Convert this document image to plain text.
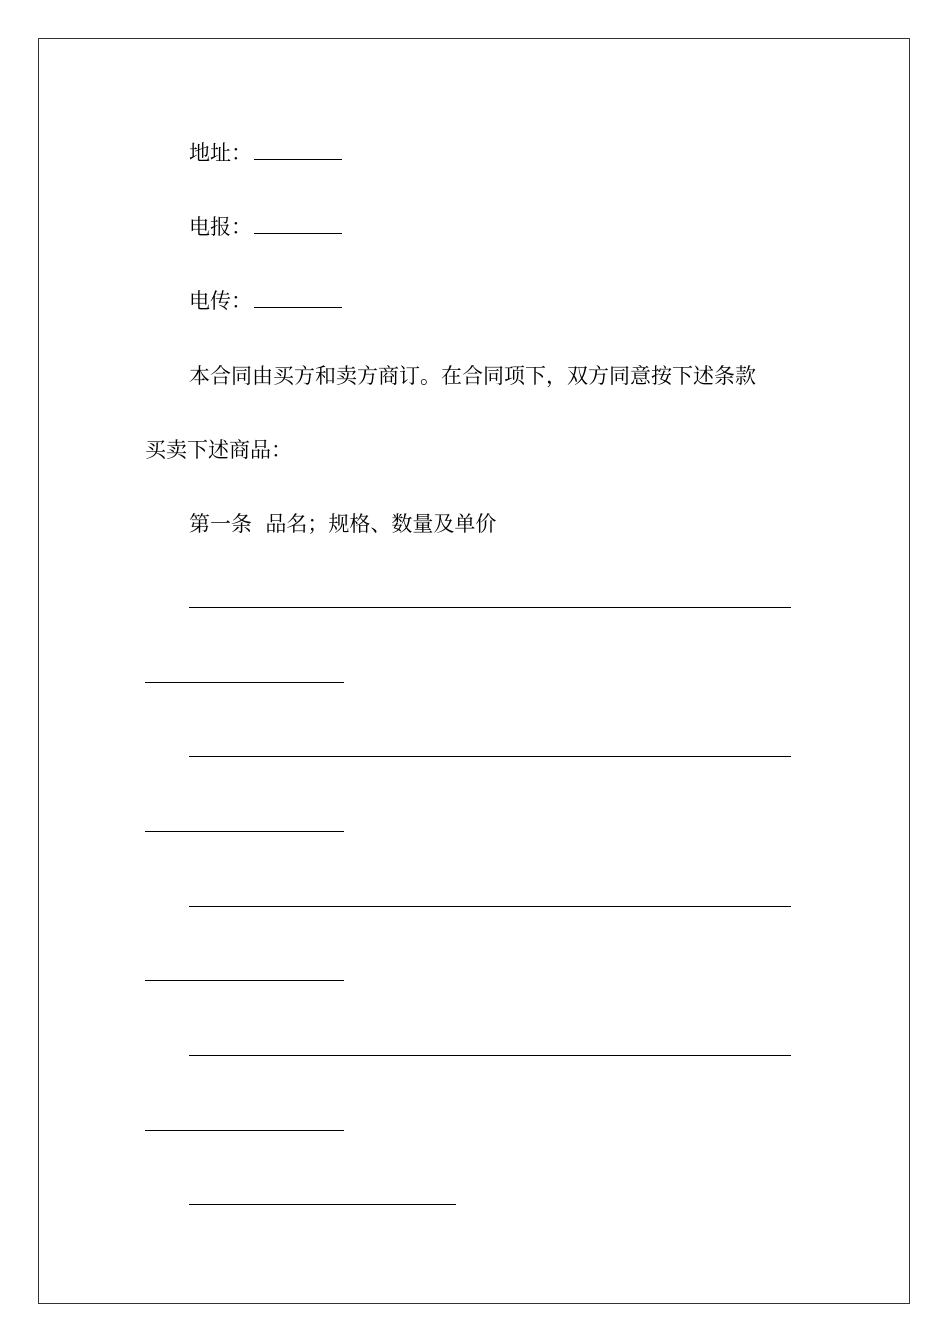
地址：
电报：
电传：
本合同由买方和卖方商订。在合同项下，双方同意按下述条款
买卖下述商品：
第一条 品名；规格、数量及单价
